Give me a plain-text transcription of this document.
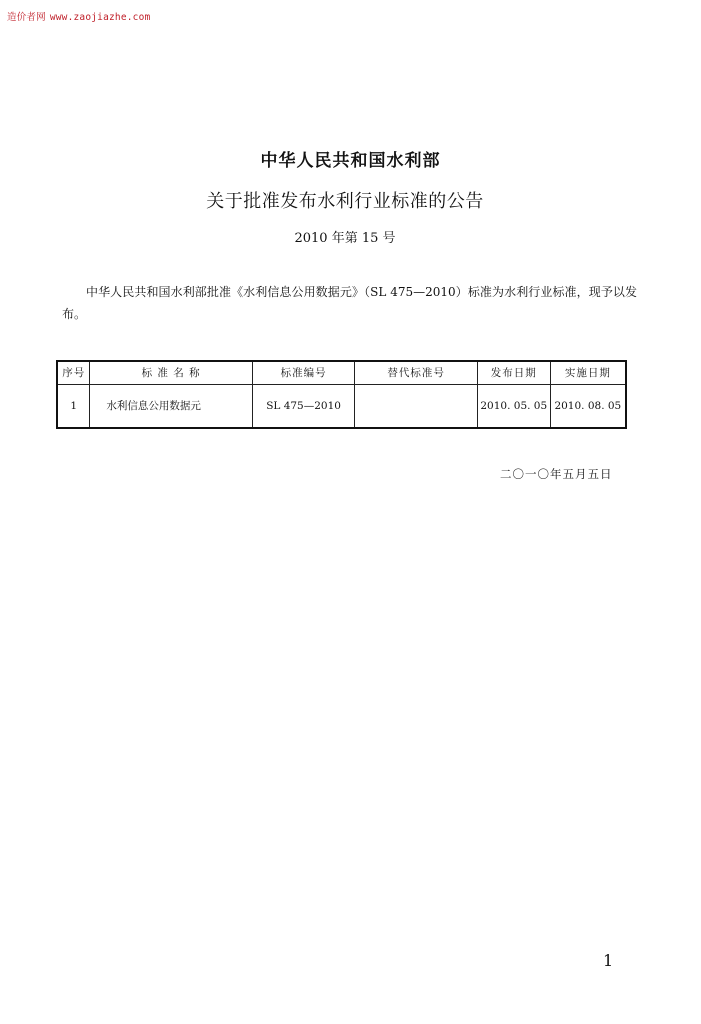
造价者网 www.zaojiazhe.com
中华人民共和国水利部
关于批准发布水利行业标准的公告
2010 年第 15 号
中华人民共和国水利部批准《水利信息公用数据元》（SL 475—2010）标准为水利行业标准，现予以发布。
序号	标 准 名 称	标准编号	替代标准号	发布日期	实施日期
1	水利信息公用数据元	SL 475—2010		2010. 05. 05	2010. 08. 05
二〇一〇年五月五日
1
